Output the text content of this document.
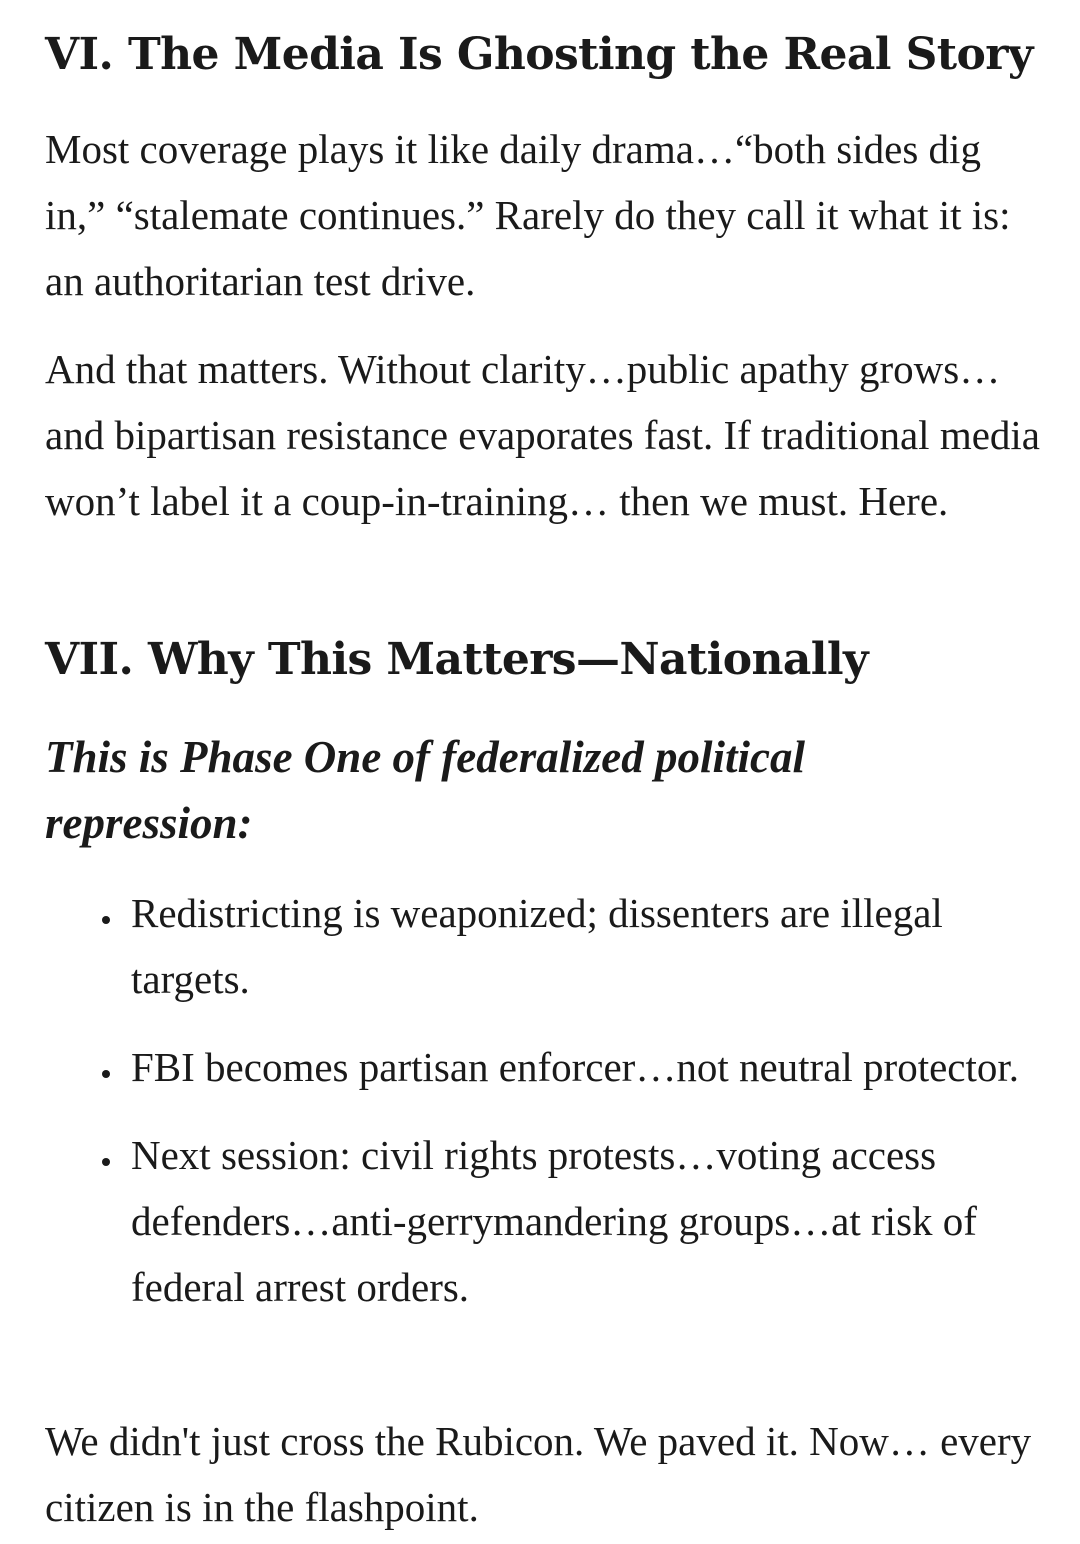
VI. The Media Is Ghosting the Real Story

Most coverage plays it like daily drama…“both sides dig in,” “stalemate continues.” Rarely do they call it what it is: an authoritarian test drive.

And that matters. Without clarity…public apathy grows…and bipartisan resistance evaporates fast. If traditional media won’t label it a coup-in-training… then we must. Here.

VII. Why This Matters—Nationally

This is Phase One of federalized political repression:

Redistricting is weaponized; dissenters are illegal targets.
FBI becomes partisan enforcer…not neutral protector.
Next session: civil rights protests…voting access defenders…anti-gerrymandering groups…at risk of federal arrest orders.

We didn't just cross the Rubicon. We paved it. Now… every citizen is in the flashpoint.
